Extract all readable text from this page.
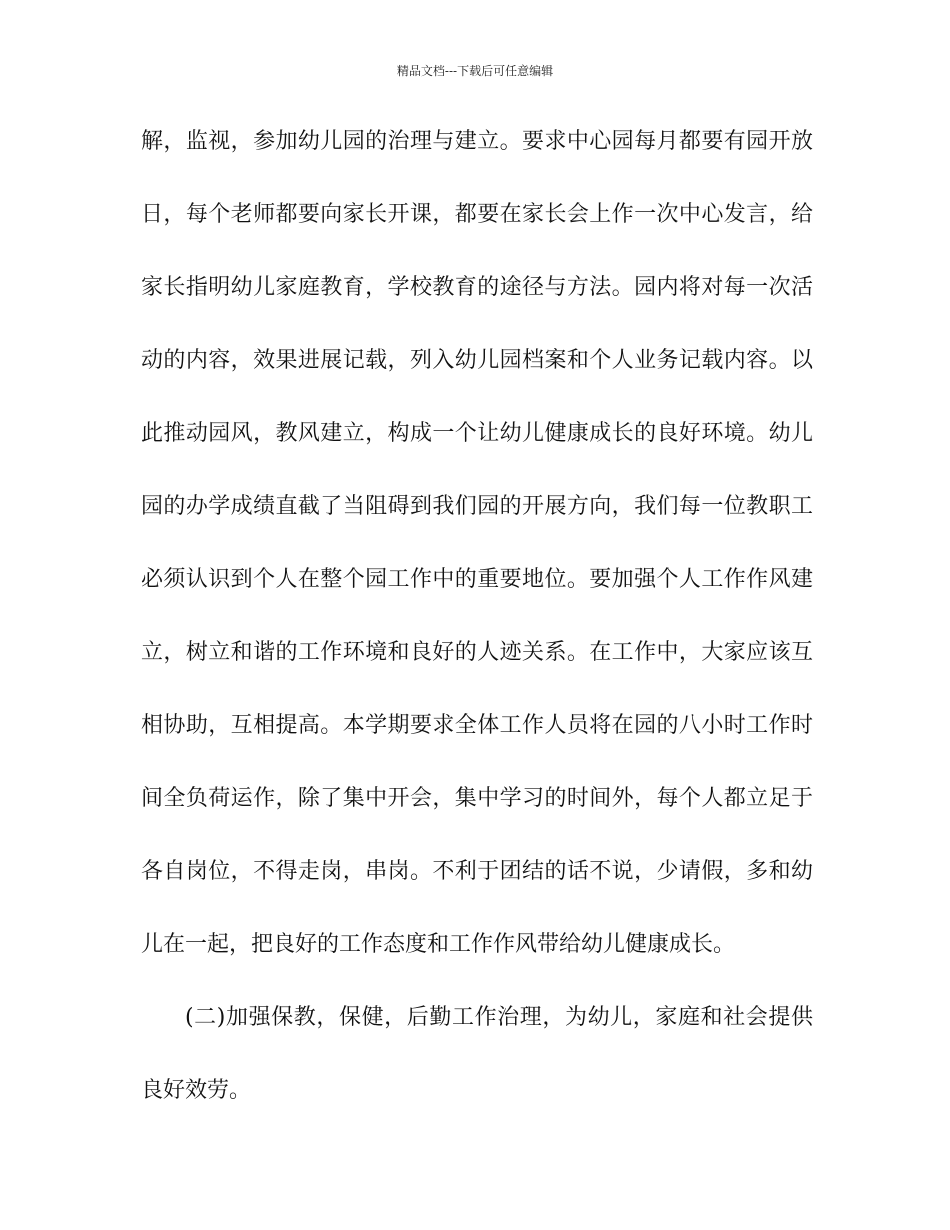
精品文档---下载后可任意编辑
解，监视，参加幼儿园的治理与建立。要求中心园每月都要有园开放
日，每个老师都要向家长开课，都要在家长会上作一次中心发言，给
家长指明幼儿家庭教育，学校教育的途径与方法。园内将对每一次活
动的内容，效果进展记载，列入幼儿园档案和个人业务记载内容。以
此推动园风，教风建立，构成一个让幼儿健康成长的良好环境。幼儿
园的办学成绩直截了当阻碍到我们园的开展方向，我们每一位教职工
必须认识到个人在整个园工作中的重要地位。要加强个人工作作风建
立，树立和谐的工作环境和良好的人迹关系。在工作中，大家应该互
相协助，互相提高。本学期要求全体工作人员将在园的八小时工作时
间全负荷运作，除了集中开会，集中学习的时间外，每个人都立足于
各自岗位，不得走岗，串岗。不利于团结的话不说，少请假，多和幼
儿在一起，把良好的工作态度和工作作风带给幼儿健康成长。
(二)加强保教，保健，后勤工作治理，为幼儿，家庭和社会提供
良好效劳。
